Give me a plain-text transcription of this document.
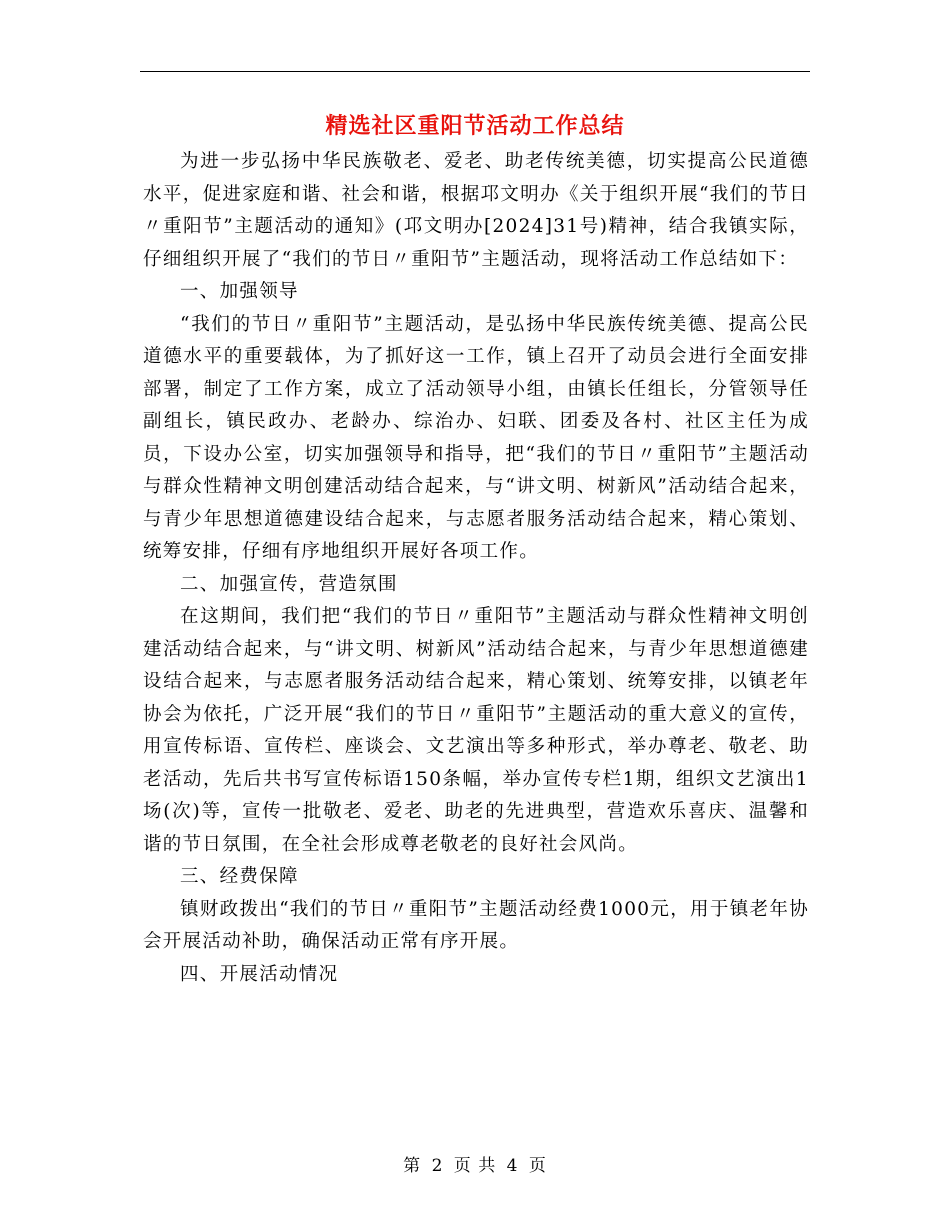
精选社区重阳节活动工作总结

为进一步弘扬中华民族敬老、爱老、助老传统美德，切实提高公民道德水平，促进家庭和谐、社会和谐，根据邛文明办《关于组织开展“我们的节日〃重阳节”主题活动的通知》(邛文明办[2024]31号)精神，结合我镇实际，仔细组织开展了“我们的节日〃重阳节”主题活动，现将活动工作总结如下：

一、加强领导

“我们的节日〃重阳节”主题活动，是弘扬中华民族传统美德、提高公民道德水平的重要载体，为了抓好这一工作，镇上召开了动员会进行全面安排部署，制定了工作方案，成立了活动领导小组，由镇长任组长，分管领导任副组长，镇民政办、老龄办、综治办、妇联、团委及各村、社区主任为成员，下设办公室，切实加强领导和指导，把“我们的节日〃重阳节”主题活动与群众性精神文明创建活动结合起来，与“讲文明、树新风”活动结合起来，与青少年思想道德建设结合起来，与志愿者服务活动结合起来，精心策划、统筹安排，仔细有序地组织开展好各项工作。

二、加强宣传，营造氛围

在这期间，我们把“我们的节日〃重阳节”主题活动与群众性精神文明创建活动结合起来，与“讲文明、树新风”活动结合起来，与青少年思想道德建设结合起来，与志愿者服务活动结合起来，精心策划、统筹安排，以镇老年协会为依托，广泛开展“我们的节日〃重阳节”主题活动的重大意义的宣传，用宣传标语、宣传栏、座谈会、文艺演出等多种形式，举办尊老、敬老、助老活动，先后共书写宣传标语150条幅，举办宣传专栏1期，组织文艺演出1场(次)等，宣传一批敬老、爱老、助老的先进典型，营造欢乐喜庆、温馨和谐的节日氛围，在全社会形成尊老敬老的良好社会风尚。

三、经费保障

镇财政拨出“我们的节日〃重阳节”主题活动经费1000元，用于镇老年协会开展活动补助，确保活动正常有序开展。

四、开展活动情况

第 2 页 共 4 页
